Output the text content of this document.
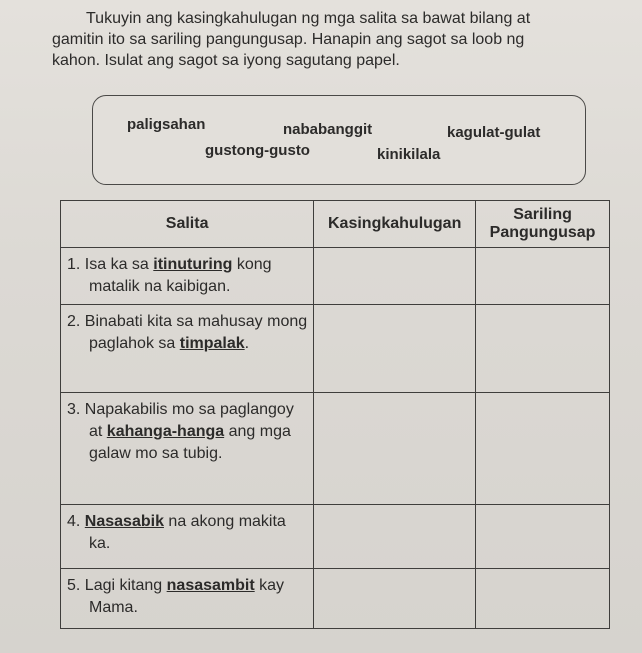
Tukuyin ang kasingkahulugan ng mga salita sa bawat bilang at
gamitin ito sa sariling pangungusap. Hanapin ang sagot sa loob ng
kahon. Isulat ang sagot sa iyong sagutang papel.
paligsahan	nababanggit	kagulat-gulat
gustong-gusto	kinikilala
Salita	Kasingkahulugan	Sariling Pangungusap

1. Isa ka sa itinuturing kong matalik na kaibigan.		

2. Binabati kita sa mahusay mong paglahok sa timpalak.		

3. Napakabilis mo sa paglangoy at kahanga-hanga ang mga galaw mo sa tubig.		

4. Nasasabik na akong makita ka.		

5. Lagi kitang nasasambit kay Mama.		
